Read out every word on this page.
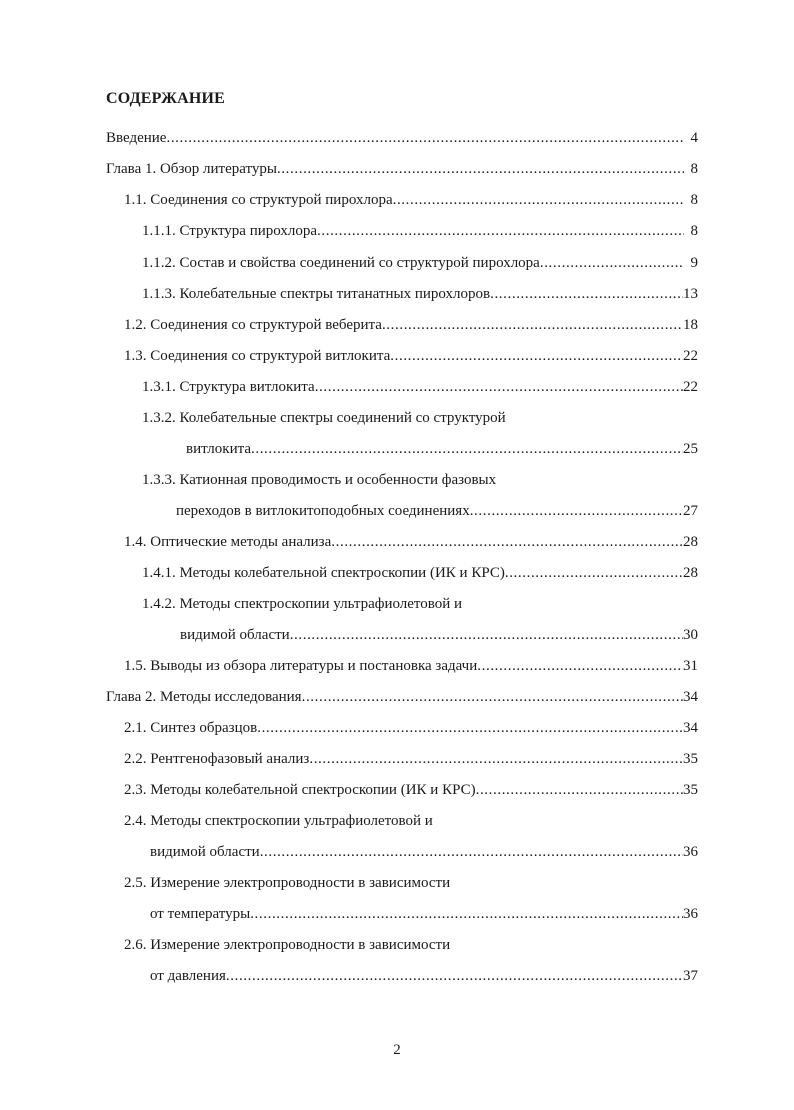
СОДЕРЖАНИЕ
Введение .....	4
Глава 1. Обзор литературы .....	8
1.1. Соединения со структурой пирохлора .....	8
1.1.1. Структура пирохлора .....	8
1.1.2. Состав и свойства соединений со структурой пирохлора .....	9
1.1.3. Колебательные спектры титанатных пирохлоров .....	13
1.2. Соединения со структурой веберита .....	18
1.3. Соединения со структурой витлокита .....	22
1.3.1. Структура витлокита .....	22
1.3.2. Колебательные спектры соединений со структурой
витлокита .....	25
1.3.3. Катионная проводимость и особенности фазовых
переходов в витлокитоподобных соединениях .....	27
1.4. Оптические методы анализа .....	28
1.4.1. Методы колебательной спектроскопии (ИК и КРС) .....	28
1.4.2. Методы спектроскопии ультрафиолетовой и
видимой области .....	30
1.5. Выводы из обзора литературы и постановка задачи .....	31
Глава 2. Методы исследования .....	34
2.1. Синтез образцов .....	34
2.2. Рентгенофазовый анализ .....	35
2.3. Методы колебательной спектроскопии (ИК и КРС) .....	35
2.4. Методы спектроскопии ультрафиолетовой и
видимой области .....	36
2.5. Измерение электропроводности в зависимости
от температуры .....	36
2.6. Измерение электропроводности в зависимости
от давления .....	37
2
